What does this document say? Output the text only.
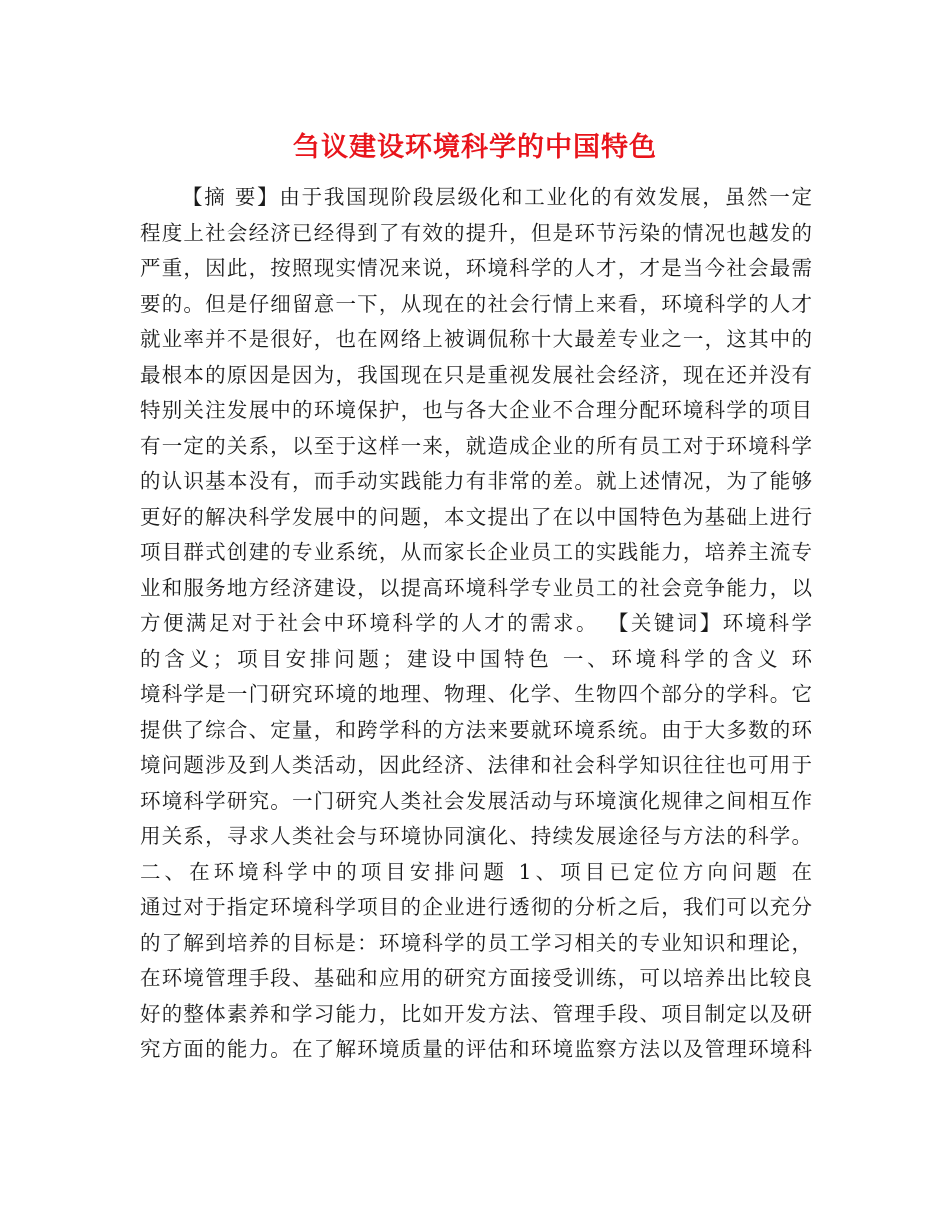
刍议建设环境科学的中国特色
【摘 要】由于我国现阶段层级化和工业化的有效发展，虽然一定
程度上社会经济已经得到了有效的提升，但是环节污染的情况也越发的
严重，因此，按照现实情况来说，环境科学的人才，才是当今社会最需
要的。但是仔细留意一下，从现在的社会行情上来看，环境科学的人才
就业率并不是很好，也在网络上被调侃称十大最差专业之一，这其中的
最根本的原因是因为，我国现在只是重视发展社会经济，现在还并没有
特别关注发展中的环境保护，也与各大企业不合理分配环境科学的项目
有一定的关系，以至于这样一来，就造成企业的所有员工对于环境科学
的认识基本没有，而手动实践能力有非常的差。就上述情况，为了能够
更好的解决科学发展中的问题，本文提出了在以中国特色为基础上进行
项目群式创建的专业系统，从而家长企业员工的实践能力，培养主流专
业和服务地方经济建设，以提高环境科学专业员工的社会竞争能力，以
方便满足对于社会中环境科学的人才的需求。 【关键词】环境科学
的含义；项目安排问题；建设中国特色 一、环境科学的含义 环
境科学是一门研究环境的地理、物理、化学、生物四个部分的学科。它
提供了综合、定量，和跨学科的方法来要就环境系统。由于大多数的环
境问题涉及到人类活动，因此经济、法律和社会科学知识往往也可用于
环境科学研究。一门研究人类社会发展活动与环境演化规律之间相互作
用关系，寻求人类社会与环境协同演化、持续发展途径与方法的科学。
二、在环境科学中的项目安排问题 1、项目已定位方向问题 在
通过对于指定环境科学项目的企业进行透彻的分析之后，我们可以充分
的了解到培养的目标是：环境科学的员工学习相关的专业知识和理论，
在环境管理手段、基础和应用的研究方面接受训练，可以培养出比较良
好的整体素养和学习能力，比如开发方法、管理手段、项目制定以及研
究方面的能力。在了解环境质量的评估和环境监察方法以及管理环境科
